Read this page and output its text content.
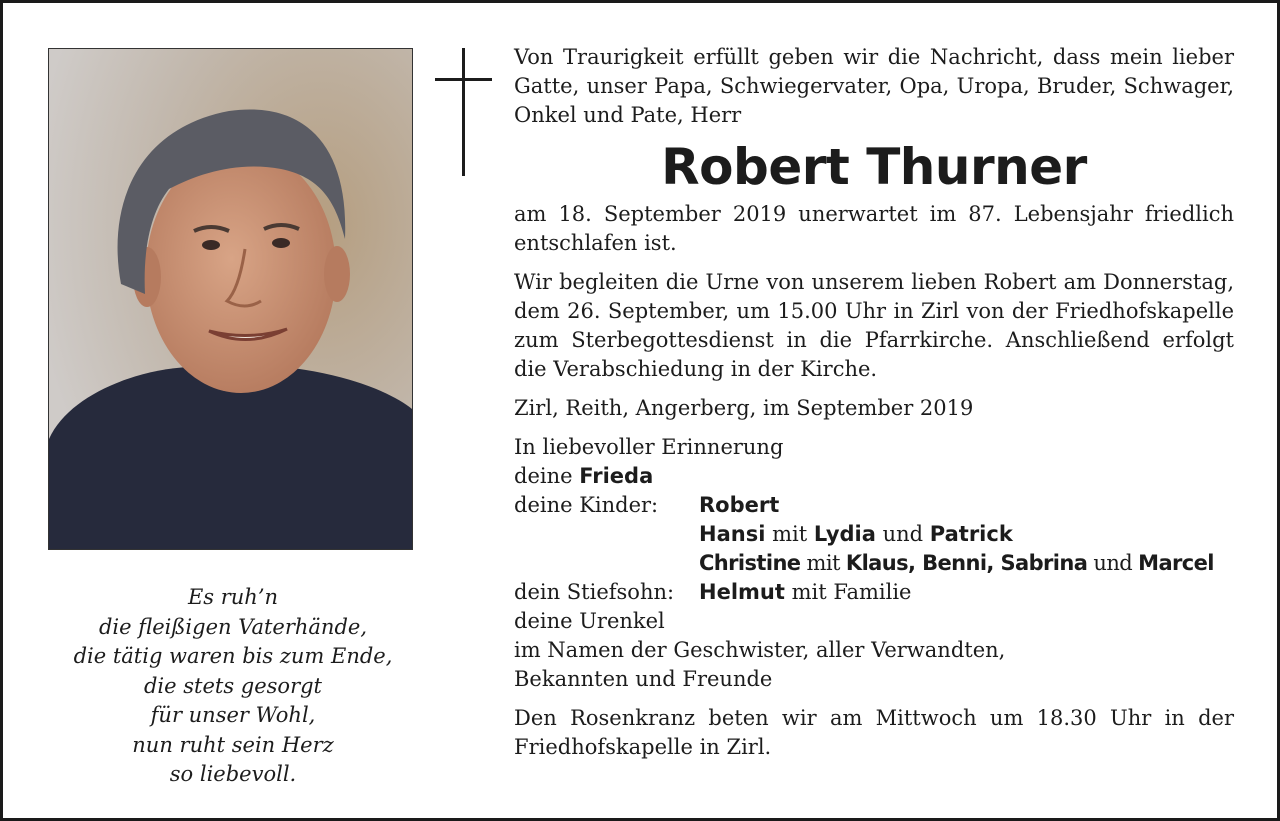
Es ruh’n
die fleißigen Vaterhände,
die tätig waren bis zum Ende,
die stets gesorgt
für unser Wohl,
nun ruht sein Herz
so liebevoll.
Von Traurigkeit erfüllt geben wir die Nachricht, dass mein lieber Gatte, unser Papa, Schwiegervater, Opa, Uropa, Bruder, Schwager, Onkel und Pate, Herr
Robert Thurner
am 18. September 2019 unerwartet im 87. Lebensjahr friedlich entschlafen ist.
Wir begleiten die Urne von unserem lieben Robert am Donnerstag, dem 26. September, um 15.00 Uhr in Zirl von der Friedhofskapelle zum Sterbegottesdienst in die Pfarrkirche. Anschließend erfolgt die Verabschiedung in der Kirche.
Zirl, Reith, Angerberg, im September 2019
In liebevoller Erinnerung
deine
Frieda
deine Kinder:	Robert
Hansi mit Lydia und Patrick
Christine mit Klaus, Benni, Sabrina und Marcel
dein Stiefsohn:	Helmut mit Familie
deine Urenkel
im Namen der Geschwister, aller Verwandten,
Bekannten und Freunde
Den Rosenkranz beten wir am Mittwoch um 18.30 Uhr in der Friedhofskapelle in Zirl.
